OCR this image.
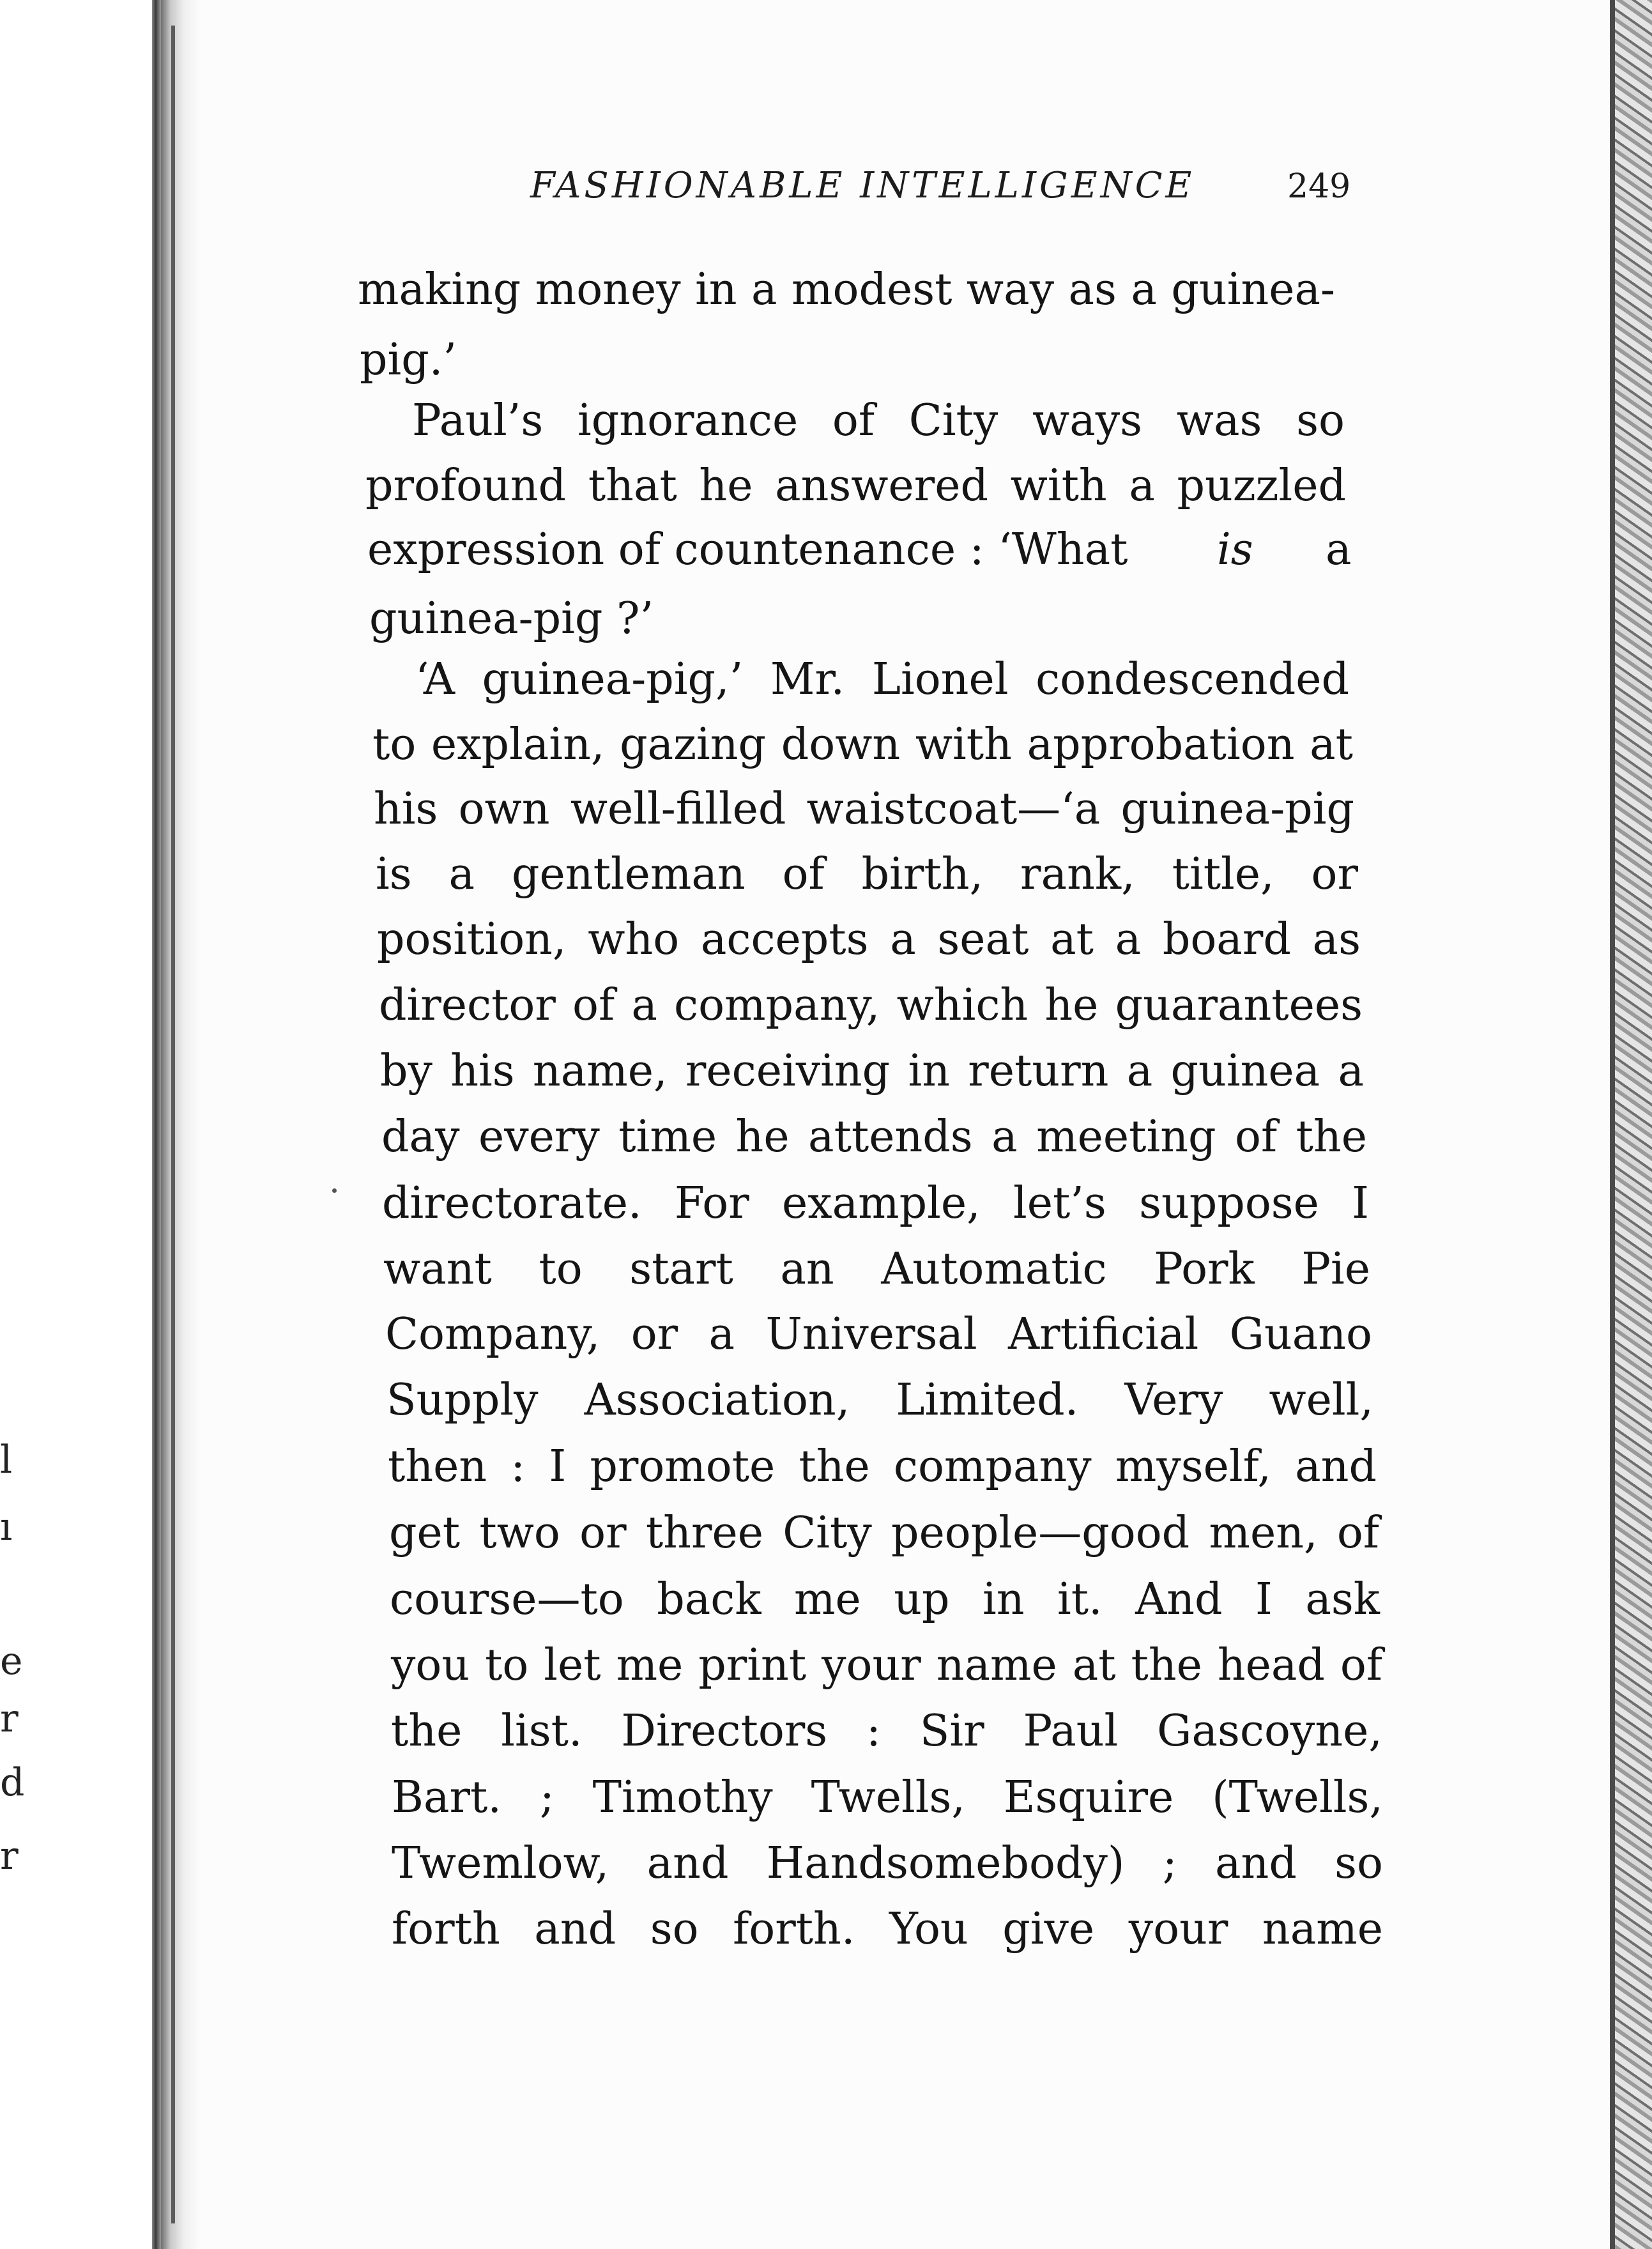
l
ı
e
r
d
r
FASHIONABLE INTELLIGENCE	249
making money in a modest way as a guinea-
pig.’
Paul’s ignorance of City ways was so
profound that he answered with a puzzled
expression of countenance : ‘What is a
guinea-pig ?’
‘A guinea-pig,’ Mr. Lionel condescended
to explain, gazing down with approbation at
his own well-filled waistcoat—‘a guinea-pig
is a gentleman of birth, rank, title, or
position, who accepts a seat at a board as
director of a company, which he guarantees
by his name, receiving in return a guinea a
day every time he attends a meeting of the
directorate. For example, let’s suppose I
want to start an Automatic Pork Pie
Company, or a Universal Artificial Guano
Supply Association, Limited. Very well,
then : I promote the company myself, and
get two or three City people—good men, of
course—to back me up in it. And I ask
you to let me print your name at the head of
the list. Directors : Sir Paul Gascoyne,
Bart. ; Timothy Twells, Esquire (Twells,
Twemlow, and Handsomebody) ; and so
forth and so forth. You give your name
